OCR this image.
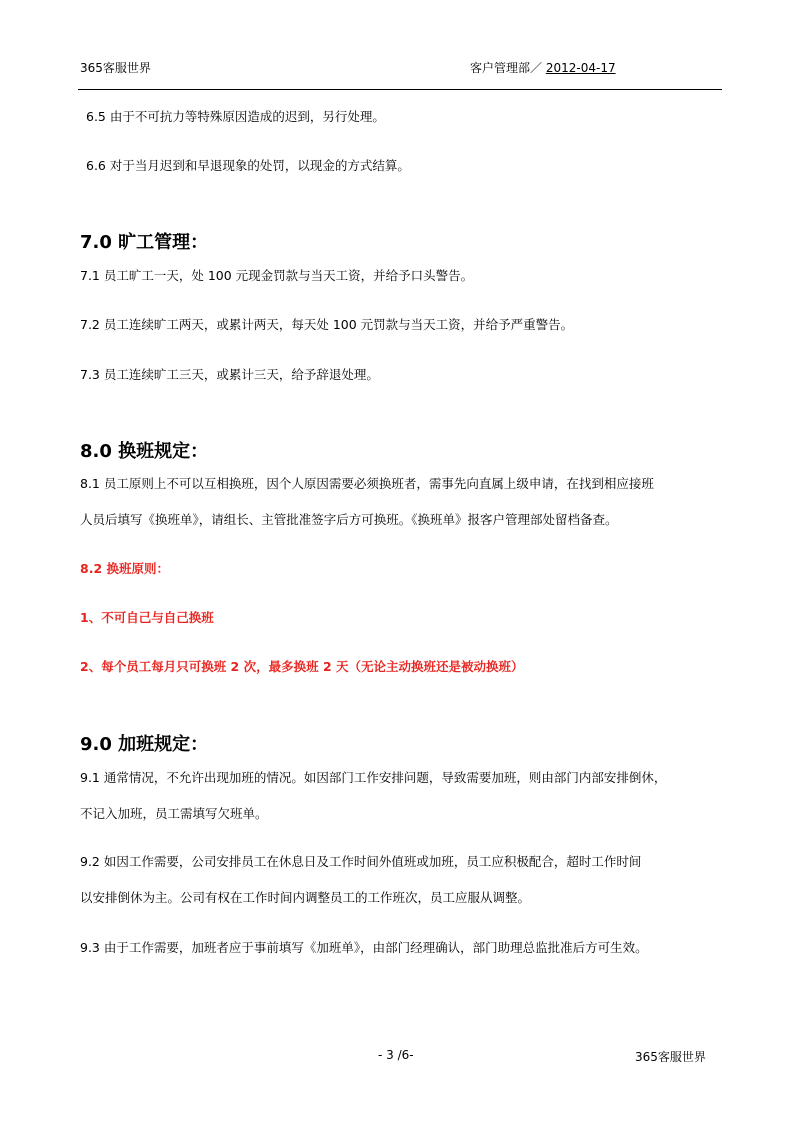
365客服世界	客户管理部／ 2012-04-17
6.5 由于不可抗力等特殊原因造成的迟到，另行处理。
6.6 对于当月迟到和早退现象的处罚，以现金的方式结算。
7.0 旷工管理：
7.1 员工旷工一天，处 100 元现金罚款与当天工资，并给予口头警告。
7.2 员工连续旷工两天，或累计两天，每天处 100 元罚款与当天工资，并给予严重警告。
7.3 员工连续旷工三天，或累计三天，给予辞退处理。
8.0 换班规定：
8.1 员工原则上不可以互相换班，因个人原因需要必须换班者，需事先向直属上级申请，在找到相应接班
人员后填写《换班单》，请组长、主管批准签字后方可换班。《换班单》报客户管理部处留档备查。
8.2 换班原则：
1、不可自己与自己换班
2、每个员工每月只可换班 2 次，最多换班 2 天（无论主动换班还是被动换班）
9.0 加班规定：
9.1 通常情况，不允许出现加班的情况。如因部门工作安排问题，导致需要加班，则由部门内部安排倒休，
不记入加班，员工需填写欠班单。
9.2 如因工作需要，公司安排员工在休息日及工作时间外值班或加班，员工应积极配合，超时工作时间
以安排倒休为主。公司有权在工作时间内调整员工的工作班次，员工应服从调整。
9.3 由于工作需要，加班者应于事前填写《加班单》，由部门经理确认，部门助理总监批准后方可生效。
- 3 /6-	365客服世界
